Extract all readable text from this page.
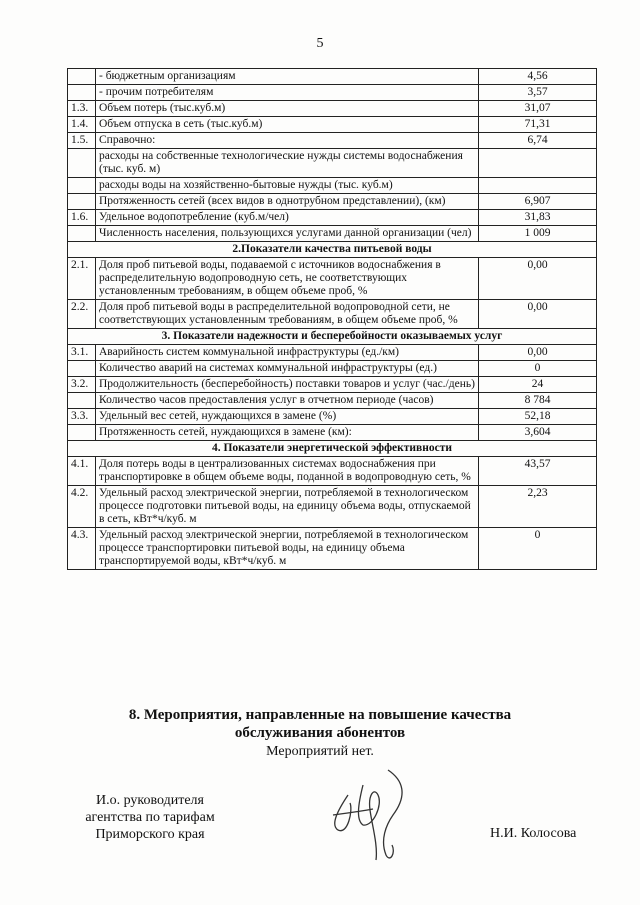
5
	- бюджетным организациям	4,56
	- прочим потребителям	3,57
1.3.	Объем потерь (тыс.куб.м)	31,07
1.4.	Объем отпуска в сеть (тыс.куб.м)	71,31
1.5.	Справочно:	6,74
	расходы на собственные технологические нужды системы водоснабжения (тыс. куб. м)	
	расходы воды на хозяйственно-бытовые нужды (тыс. куб.м)	
	Протяженность сетей (всех видов в однотрубном представлении), (км)	6,907
1.6.	Удельное водопотребление (куб.м/чел)	31,83
	Численность населения, пользующихся услугами данной организации (чел)	1 009
2.Показатели качества питьевой воды		
2.1.	Доля проб питьевой воды, подаваемой с источников водоснабжения в распределительную водопроводную сеть, не соответствующих установленным требованиям, в общем объеме проб, %	0,00
2.2.	Доля проб питьевой воды в распределительной водопроводной сети, не соответствующих установленным требованиям, в общем объеме проб, %	0,00
3. Показатели надежности и бесперебойности оказываемых услуг		
3.1.	Аварийность систем коммунальной инфраструктуры (ед./км)	0,00
	Количество аварий на системах коммунальной инфраструктуры (ед.)	0
3.2.	Продолжительность (бесперебойность) поставки товаров и услуг (час./день)	24
	Количество часов предоставления услуг в отчетном периоде (часов)	8 784
3.3.	Удельный вес сетей, нуждающихся в замене (%)	52,18
	Протяженность сетей, нуждающихся в замене (км):	3,604
4. Показатели энергетической эффективности		
4.1.	Доля потерь воды в централизованных системах водоснабжения при транспортировке в общем объеме воды, поданной в водопроводную сеть, %	43,57
4.2.	Удельный расход электрической энергии, потребляемой в технологическом процессе подготовки питьевой воды, на единицу объема воды, отпускаемой в сеть, кВт*ч/куб. м	2,23
4.3.	Удельный расход электрической энергии, потребляемой в технологическом процессе транспортировки питьевой воды, на единицу объема транспортируемой воды, кВт*ч/куб. м	0
8. Мероприятия, направленные на повышение качества
обслуживания абонентов
Мероприятий нет.
И.о. руководителя
агентства по тарифам
Приморского края	Н.И. Колосова
